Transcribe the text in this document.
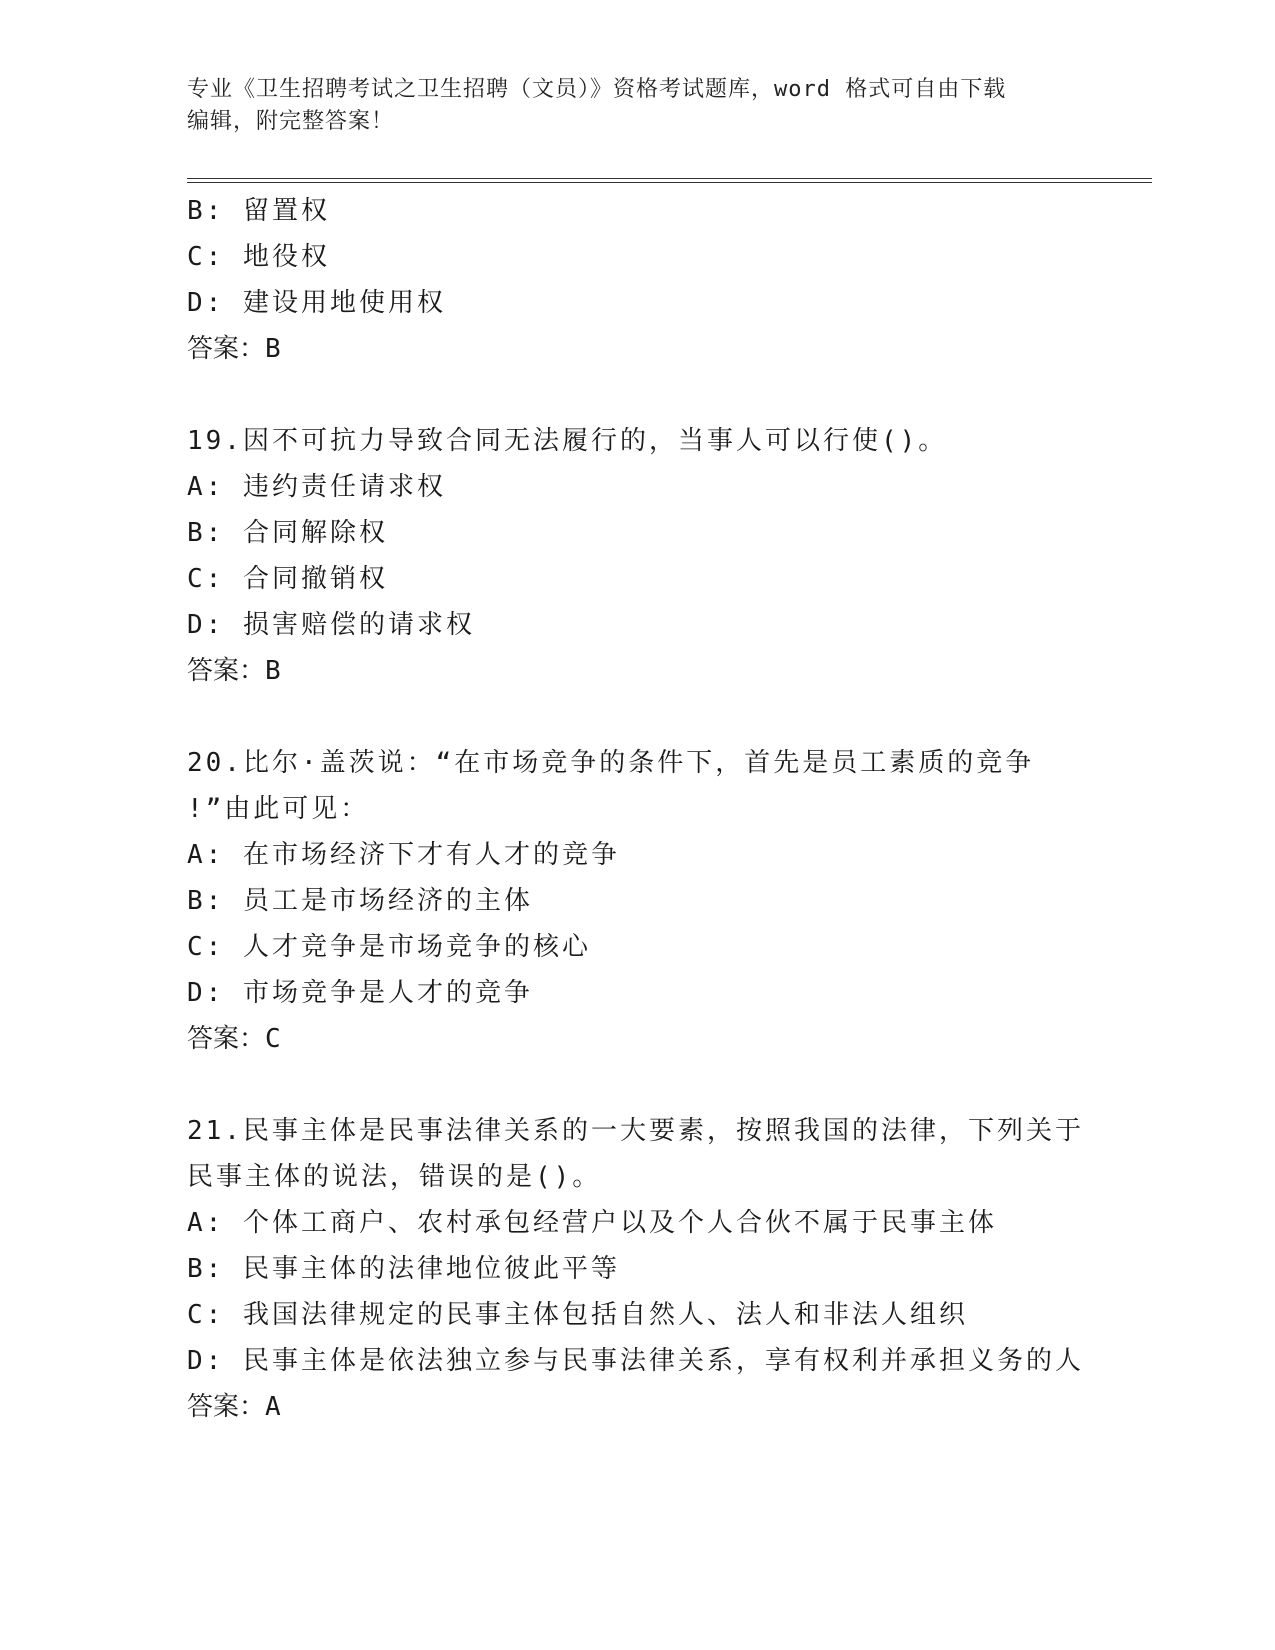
专业《卫生招聘考试之卫生招聘（文员）》资格考试题库，word 格式可自由下载
编辑，附完整答案！
B: 留置权
C: 地役权
D: 建设用地使用权
答案：B
19.因不可抗力导致合同无法履行的，当事人可以行使()。
A: 违约责任请求权
B: 合同解除权
C: 合同撤销权
D: 损害赔偿的请求权
答案：B
20.比尔·盖茨说：“在市场竞争的条件下，首先是员工素质的竞争
!”由此可见：
A: 在市场经济下才有人才的竞争
B: 员工是市场经济的主体
C: 人才竞争是市场竞争的核心
D: 市场竞争是人才的竞争
答案：C
21.民事主体是民事法律关系的一大要素，按照我国的法律，下列关于
民事主体的说法，错误的是()。
A: 个体工商户、农村承包经营户以及个人合伙不属于民事主体
B: 民事主体的法律地位彼此平等
C: 我国法律规定的民事主体包括自然人、法人和非法人组织
D: 民事主体是依法独立参与民事法律关系，享有权利并承担义务的人
答案：A
